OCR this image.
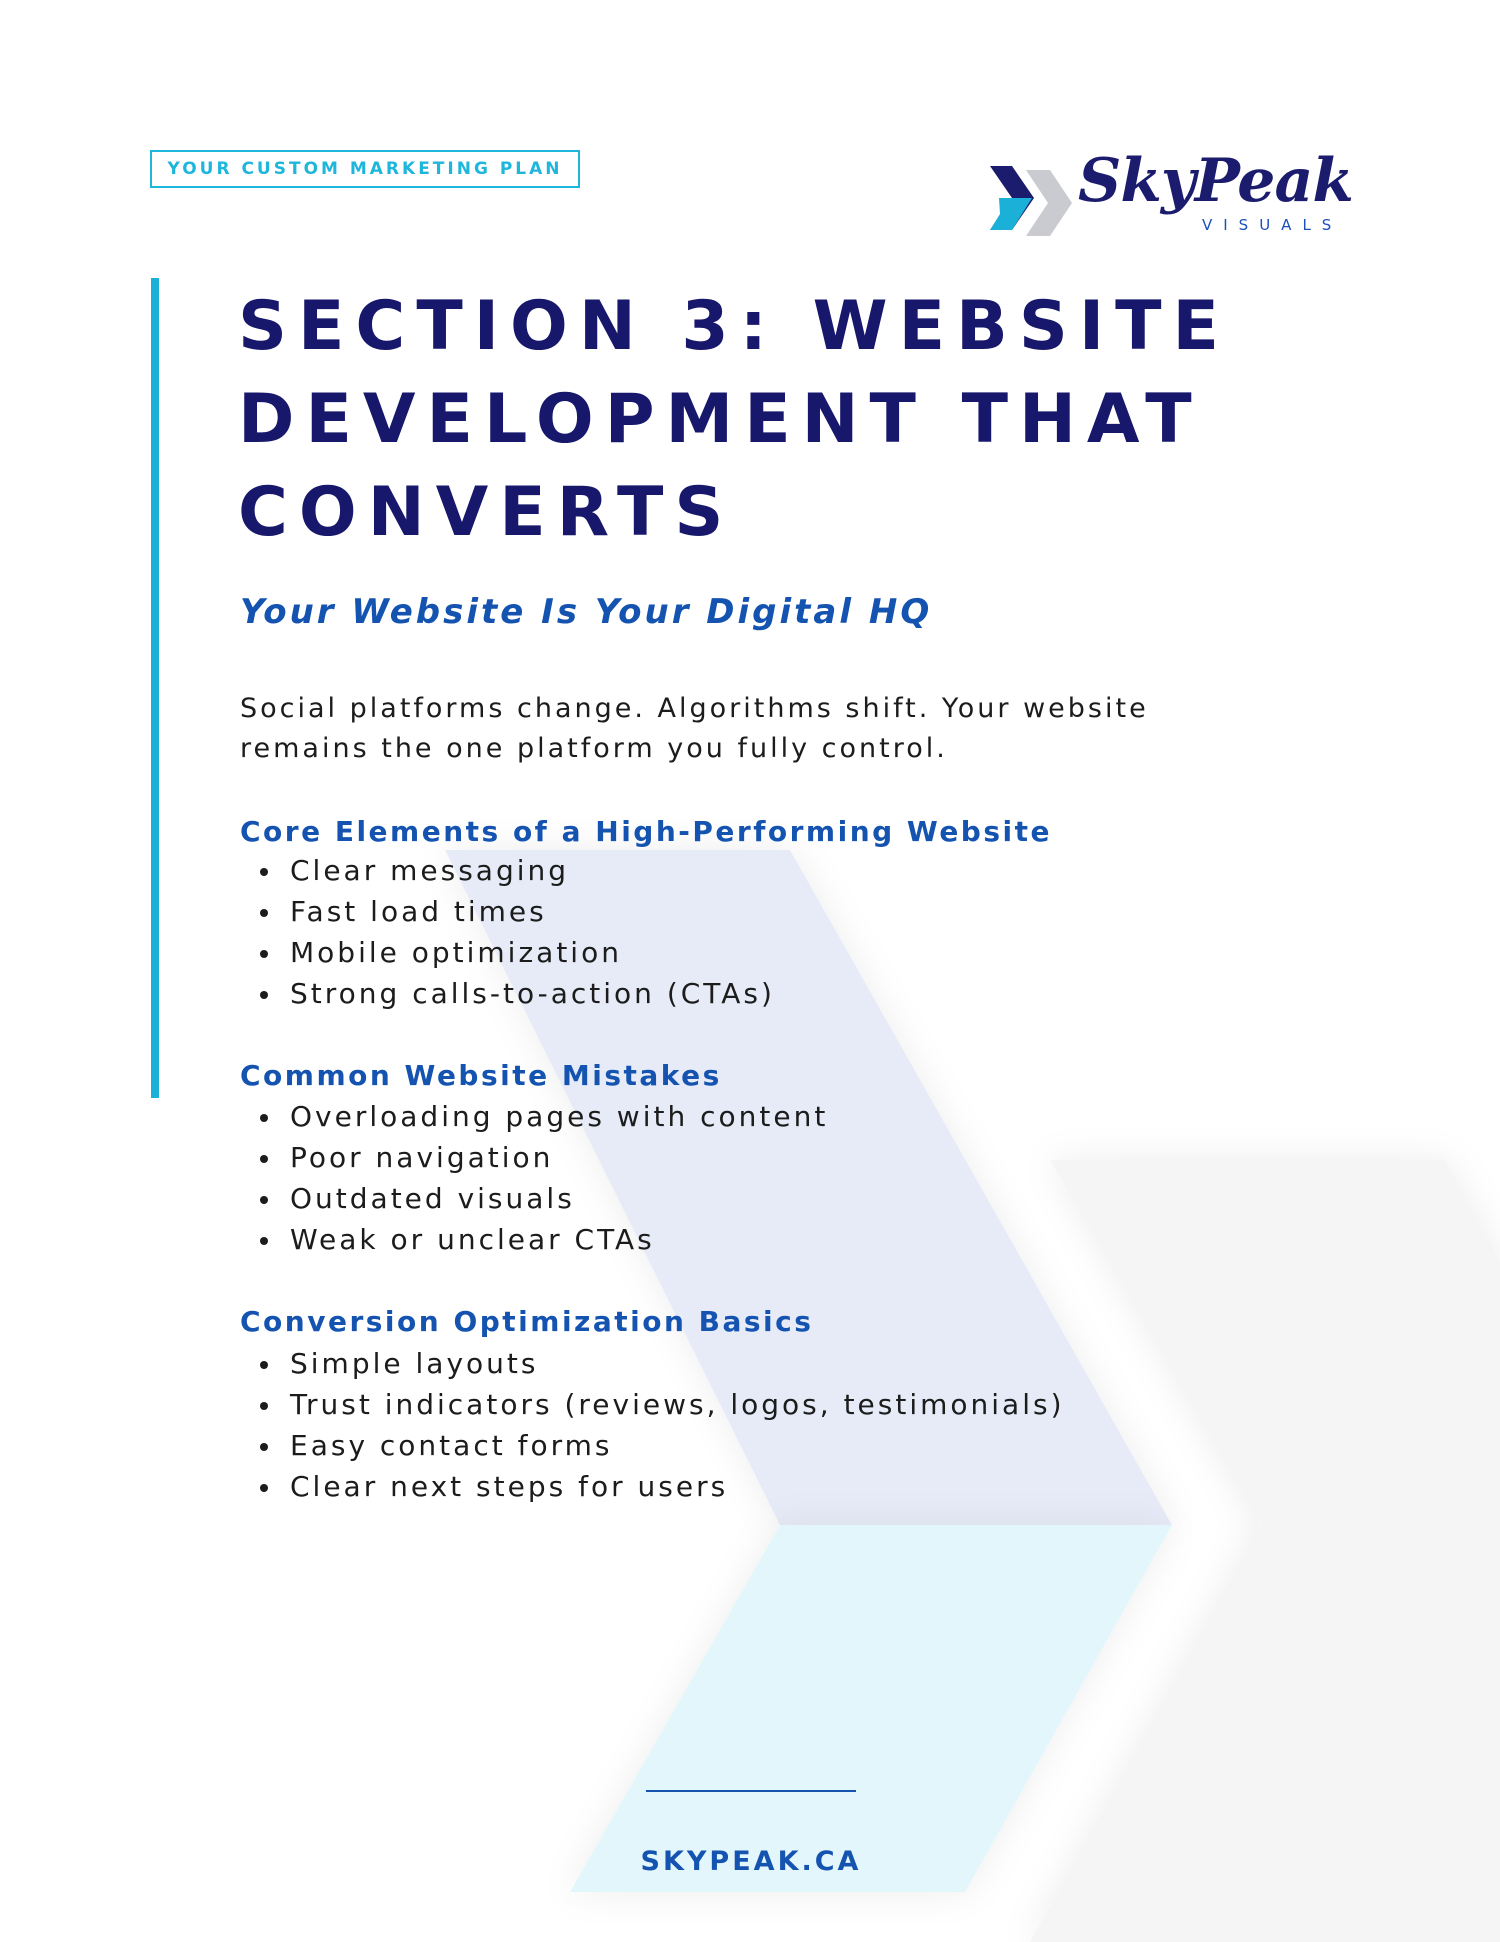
YOUR CUSTOM MARKETING PLAN	SkyPeak
VISUALS
SECTION 3: WEBSITE
DEVELOPMENT THAT
CONVERTS
Your Website Is Your Digital HQ

Social platforms change. Algorithms shift. Your website
remains the one platform you fully control.

Core Elements of a High-Performing Website
Clear messaging
Fast load times
Mobile optimization
Strong calls-to-action (CTAs)
Common Website Mistakes
Overloading pages with content
Poor navigation
Outdated visuals
Weak or unclear CTAs
Conversion Optimization Basics
Simple layouts
Trust indicators (reviews, logos, testimonials)
Easy contact forms
Clear next steps for users

SKYPEAK.CA
